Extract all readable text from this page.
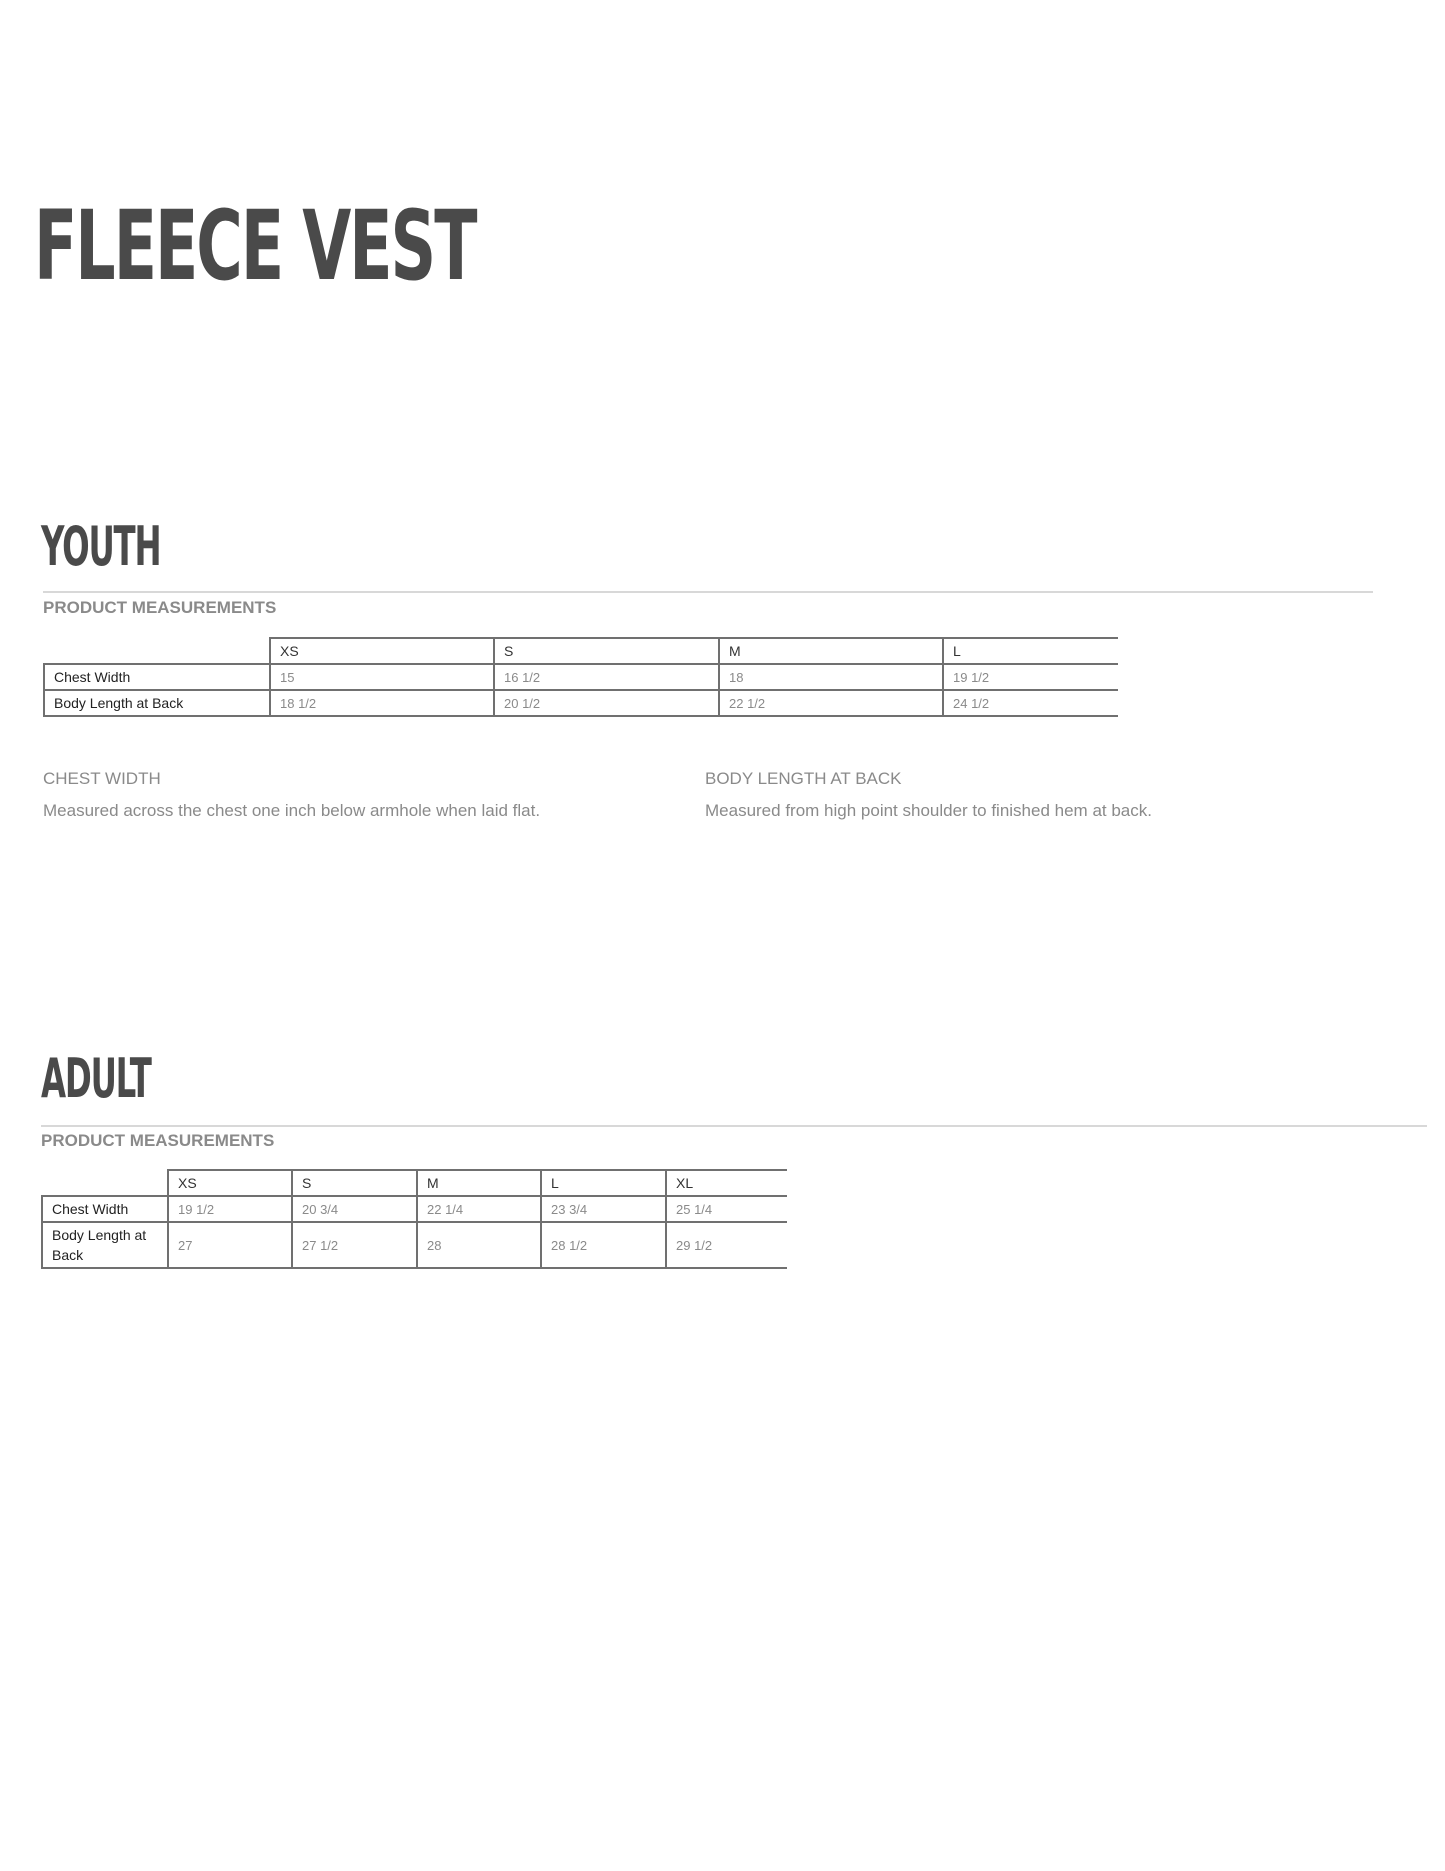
FLEECE VEST
YOUTH

PRODUCT MEASUREMENTS

	XS	S	M	L
Chest Width	15	16 1/2	18	19 1/2
Body Length at Back	18 1/2	20 1/2	22 1/2	24 1/2

CHEST WIDTH

Measured across the chest one inch below armhole when laid flat.

BODY LENGTH AT BACK

Measured from high point shoulder to finished hem at back.

ADULT

PRODUCT MEASUREMENTS

	XS	S	M	L	XL
Chest Width	19 1/2	20 3/4	22 1/4	23 3/4	25 1/4
Body Length at Back	27	27 1/2	28	28 1/2	29 1/2
